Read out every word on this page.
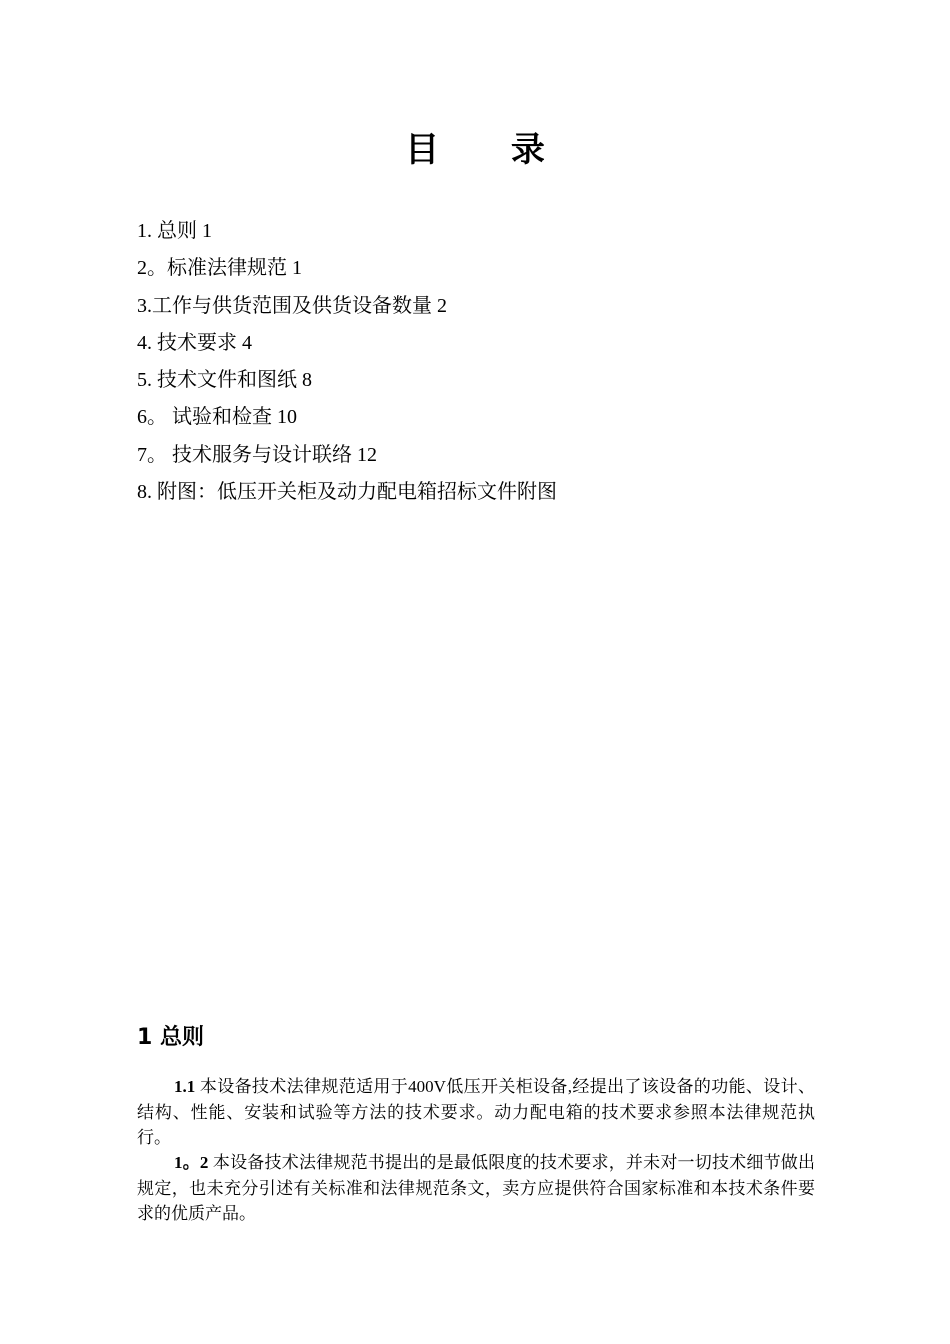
目 录
1. 总则 1
2。标准法律规范 1
3.工作与供货范围及供货设备数量 2
4. 技术要求 4
5. 技术文件和图纸 8
6。 试验和检查 10
7。 技术服务与设计联络 12
8. 附图：低压开关柜及动力配电箱招标文件附图
1 总则

1.1 本设备技术法律规范适用于400V低压开关柜设备,经提出了该设备的功能、设计、结构、性能、安装和试验等方法的技术要求。动力配电箱的技术要求参照本法律规范执行。

1。2 本设备技术法律规范书提出的是最低限度的技术要求，并未对一切技术细节做出规定，也未充分引述有关标准和法律规范条文，卖方应提供符合国家标准和本技术条件要求的优质产品。
